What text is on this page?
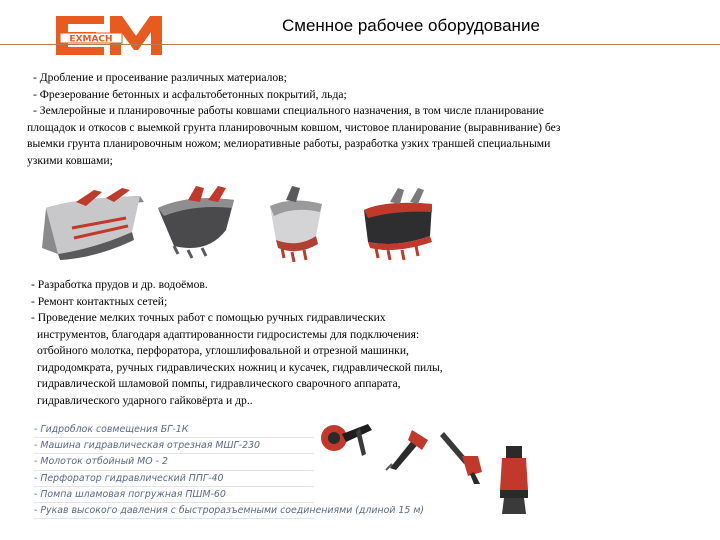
EXMACH
Сменное рабочее оборудование
- Дробление и просеивание различных материалов;
- Фрезерование бетонных и асфальтобетонных покрытий, льда;
- Землеройные и планировочные работы ковшами специального назначения, в том числе планирование
площадок и откосов с выемкой грунта планировочным ковшом, чистовое планирование (выравнивание) без
выемки грунта планировочным ножом; мелиоративные работы, разработка узких траншей специальными
узкими ковшами;
- Разработка прудов и др. водоёмов.
- Ремонт контактных сетей;
- Проведение мелких точных работ с помощью ручных гидравлических
инструментов, благодаря адаптированности гидросистемы для подключения:
отбойного молотка, перфоратора, углошлифовальной и отрезной машинки,
гидродомкрата, ручных гидравлических ножниц и кусачек, гидравлической пилы,
гидравлической шламовой помпы, гидравлического сварочного аппарата,
гидравлического ударного гайковёрта и др..
- Гидроблок совмещения БГ-1К
- Машина гидравлическая отрезная МШГ-230
- Молоток отбойный МО - 2
- Перфоратор гидравлический ППГ-40
- Помпа шламовая погружная ПШМ-60
- Рукав высокого давления с быстроразъемными соединениями (длиной 15 м)
